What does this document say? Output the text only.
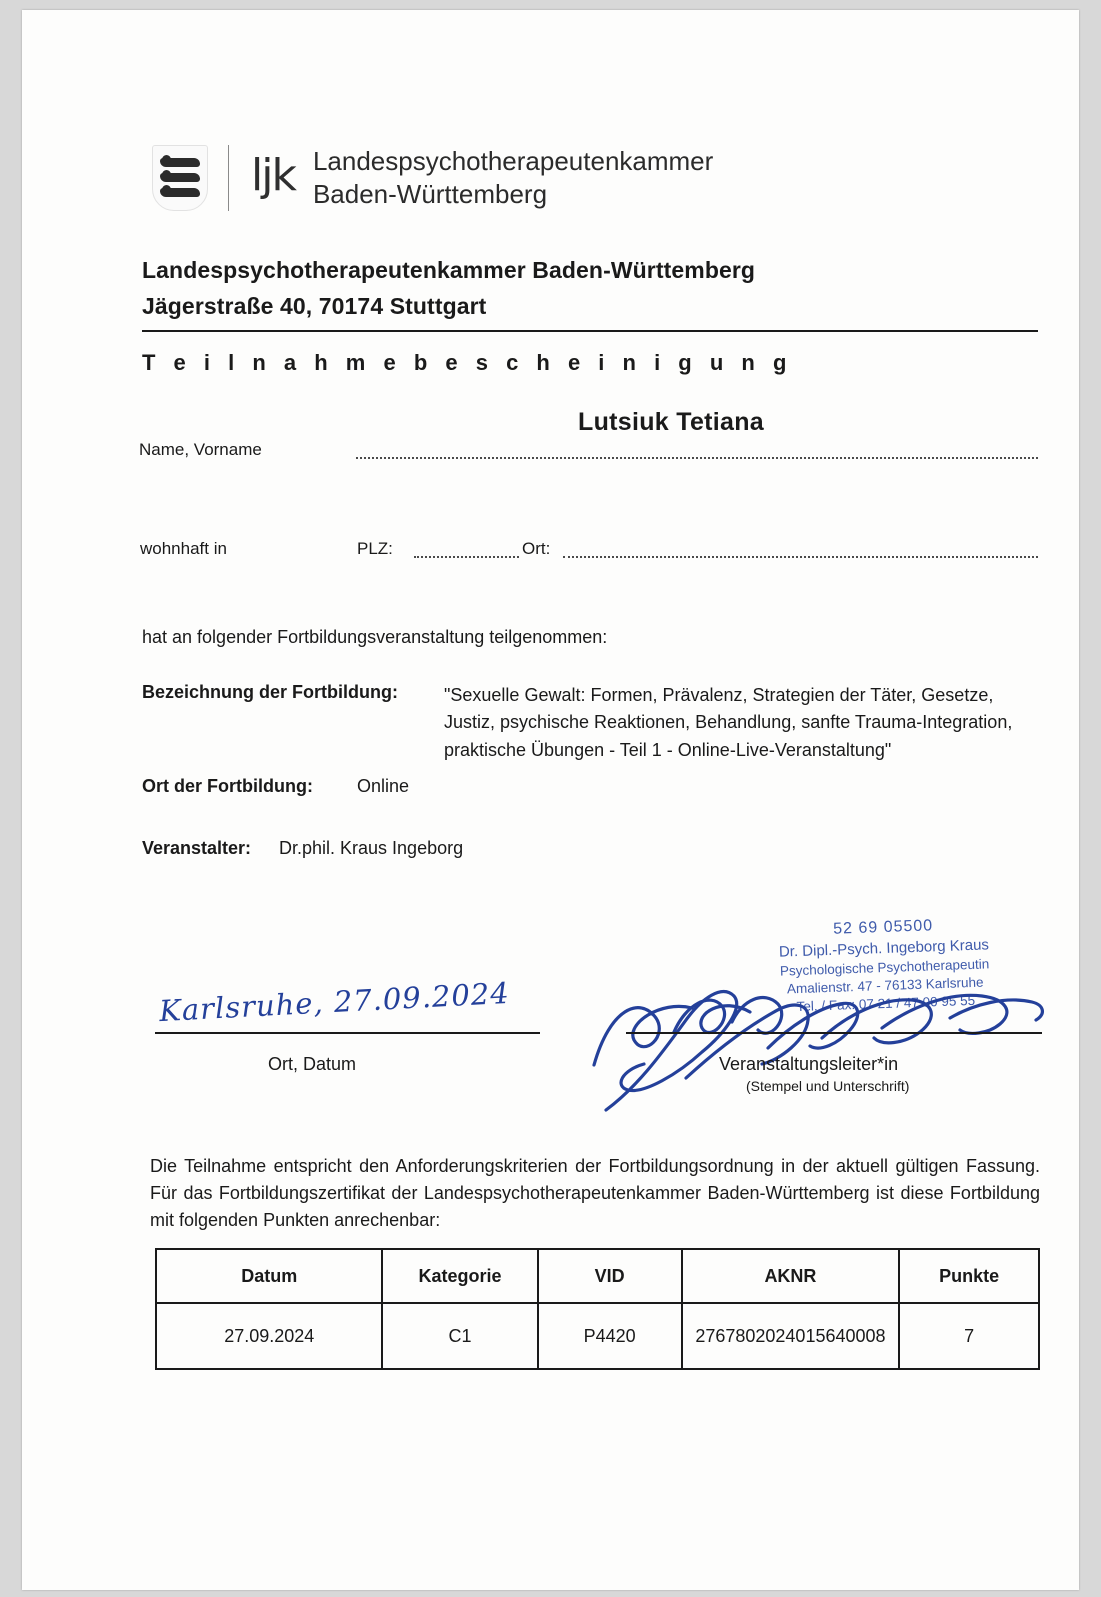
ljk Landespsychotherapeutenkammer
Baden-Württemberg
Landespsychotherapeutenkammer Baden-Württemberg
Jägerstraße 40, 70174 Stuttgart
T e i l n a h m e b e s c h e i n i g u n g
Lutsiuk Tetiana
Name, Vorname
wohnhaft in	PLZ:	Ort:
hat an folgender Fortbildungsveranstaltung teilgenommen:
Bezeichnung der Fortbildung:	"Sexuelle Gewalt: Formen, Prävalenz, Strategien der Täter, Gesetze, Justiz, psychische Reaktionen, Behandlung, sanfte Trauma-Integration, praktische Übungen - Teil 1 - Online-Live-Veranstaltung"
Ort der Fortbildung: Online
Veranstalter: Dr.phil. Kraus Ingeborg
52 69 05500
Dr. Dipl.-Psych. Ingeborg Kraus
Psychologische Psychotherapeutin
Amalienstr. 47 - 76133 Karlsruhe
Tel. / Fax: 07 21 / 47 00 95 55
Karlsruhe, 27.09.2024
Ort, Datum	Veranstaltungsleiter*in
(Stempel und Unterschrift)
Die Teilnahme entspricht den Anforderungskriterien der Fortbildungsordnung in der aktuell gültigen Fassung. Für das Fortbildungszertifikat der Landespsychotherapeutenkammer Baden-Württemberg ist diese Fortbildung mit folgenden Punkten anrechenbar:
Datum	Kategorie	VID	AKNR	Punkte
27.09.2024	C1	P4420	2767802024015640008	7
